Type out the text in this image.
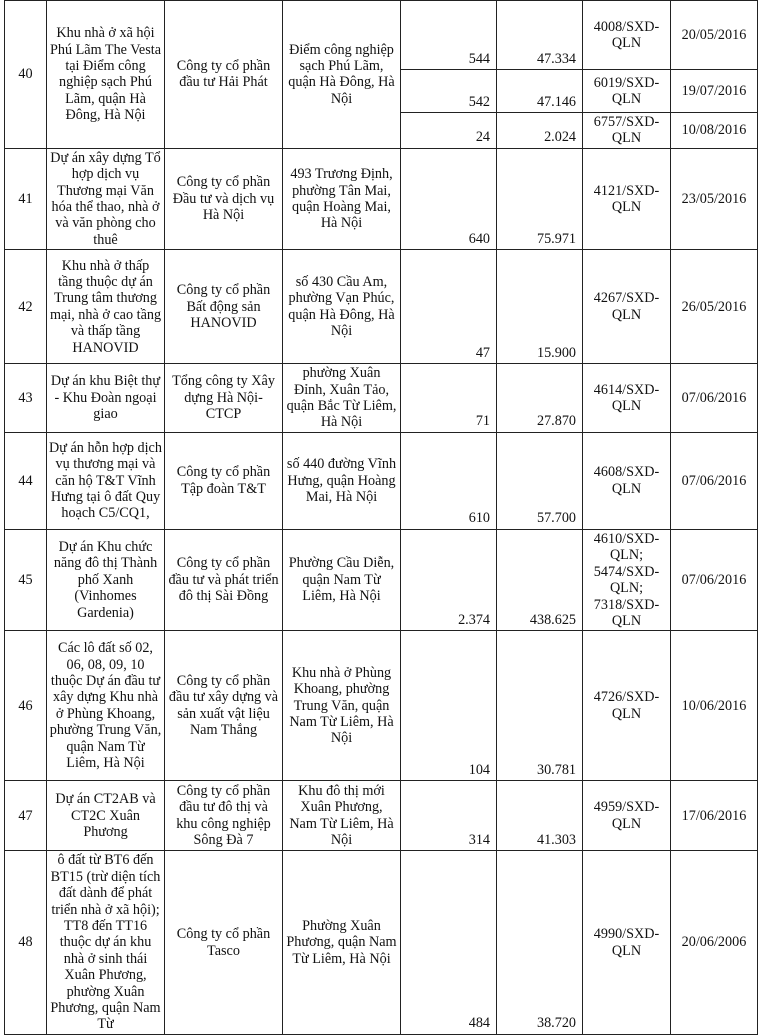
40	Khu nhà ở xã hội Phú Lãm The Vesta tại Điểm công nghiệp sạch Phú Lãm, quận Hà Đông, Hà Nội	Công ty cổ phần đầu tư Hải Phát	Điểm công nghiệp sạch Phú Lãm, quận Hà Đông, Hà Nội	544	47.334	4008/SXD-QLN	20/05/2016
				542	47.146	6019/SXD-QLN	19/07/2016
				24	2.024	6757/SXD-QLN	10/08/2016
41	Dự án xây dựng Tổ hợp dịch vụ Thương mại Văn hóa thể thao, nhà ở và văn phòng cho thuê	Công ty cổ phần Đầu tư và dịch vụ Hà Nội	493 Trương Định, phường Tân Mai, quận Hoàng Mai, Hà Nội	640	75.971	4121/SXD-QLN	23/05/2016
42	Khu nhà ở thấp tầng thuộc dự án Trung tâm thương mại, nhà ở cao tầng và thấp tầng HANOVID	Công ty cổ phần Bất động sản HANOVID	số 430 Cầu Am, phường Vạn Phúc, quận Hà Đông, Hà Nội	47	15.900	4267/SXD-QLN	26/05/2016
43	Dự án khu Biệt thự - Khu Đoàn ngoại giao	Tổng công ty Xây dựng Hà Nội-CTCP	phường Xuân Đỉnh, Xuân Tảo, quận Bắc Từ Liêm, Hà Nội	71	27.870	4614/SXD-QLN	07/06/2016
44	Dự án hỗn hợp dịch vụ thương mại và căn hộ T&T Vĩnh Hưng tại ô đất Quy hoạch C5/CQ1,	Công ty cổ phần Tập đoàn T&T	số 440 đường Vĩnh Hưng, quận Hoàng Mai, Hà Nội	610	57.700	4608/SXD-QLN	07/06/2016
45	Dự án Khu chức năng đô thị Thành phố Xanh (Vinhomes Gardenia)	Công ty cổ phần đầu tư và phát triển đô thị Sài Đồng	Phường Cầu Diễn, quận Nam Từ Liêm, Hà Nội	2.374	438.625	4610/SXD-QLN; 5474/SXD-QLN; 7318/SXD-QLN	07/06/2016
46	Các lô đất số 02, 06, 08, 09, 10 thuộc Dự án đầu tư xây dựng Khu nhà ở Phùng Khoang, phường Trung Văn, quận Nam Từ Liêm, Hà Nội	Công ty cổ phần đầu tư xây dựng và sản xuất vật liệu Nam Thắng	Khu nhà ở Phùng Khoang, phường Trung Văn, quận Nam Từ Liêm, Hà Nội	104	30.781	4726/SXD-QLN	10/06/2016
47	Dự án CT2AB và CT2C Xuân Phương	Công ty cổ phần đầu tư đô thị và khu công nghiệp Sông Đà 7	Khu đô thị mới Xuân Phương, Nam Từ Liêm, Hà Nội	314	41.303	4959/SXD-QLN	17/06/2016
48	ô đất từ BT6 đến BT15 (trừ diện tích đất dành để phát triển nhà ở xã hội); TT8 đến TT16 thuộc dự án khu nhà ở sinh thái Xuân Phương, phường Xuân Phương, quận Nam Từ	Công ty cổ phần Tasco	Phường Xuân Phương, quận Nam Từ Liêm, Hà Nội	484	38.720	4990/SXD-QLN	20/06/2006
